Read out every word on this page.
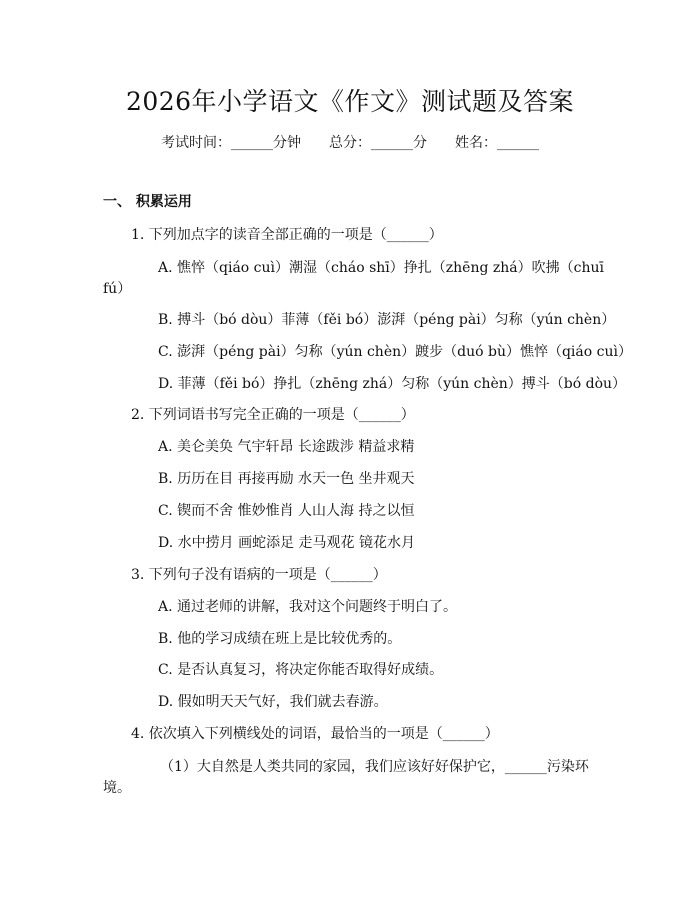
2026年小学语文《作文》测试题及答案
考试时间：______分钟 总分：______分 姓名：______
一、 积累运用
1. 下列加点字的读音全部正确的一项是（______）
A. 憔悴（qiáo cuì）潮湿（cháo shī）挣扎（zhēng zhá）吹拂（chuī
fú）
B. 搏斗（bó dòu）菲薄（fěi bó）澎湃（péng pài）匀称（yún chèn）
C. 澎湃（péng pài）匀称（yún chèn）踱步（duó bù）憔悴（qiáo cuì）
D. 菲薄（fěi bó）挣扎（zhēng zhá）匀称（yún chèn）搏斗（bó dòu）
2. 下列词语书写完全正确的一项是（______）
A. 美仑美奂 气宇轩昂 长途跋涉 精益求精
B. 历历在目 再接再励 水天一色 坐井观天
C. 锲而不舍 惟妙惟肖 人山人海 持之以恒
D. 水中捞月 画蛇添足 走马观花 镜花水月
3. 下列句子没有语病的一项是（______）
A. 通过老师的讲解，我对这个问题终于明白了。
B. 他的学习成绩在班上是比较优秀的。
C. 是否认真复习，将决定你能否取得好成绩。
D. 假如明天天气好，我们就去春游。
4. 依次填入下列横线处的词语，最恰当的一项是（______）
（1）大自然是人类共同的家园，我们应该好好保护它，______污染环
境。
